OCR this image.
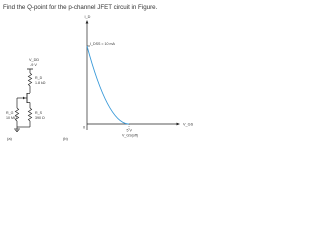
Find the Q-point for the p-channel JFET circuit in Figure.
V_DD
-9 V
R_D
1.8 kΩ
R_S
390 Ω
R_G
10 MΩ
(a)
I_D
V_GS
0
I_DSS = 10 mA
5 V
V_GS(off)
(b)
